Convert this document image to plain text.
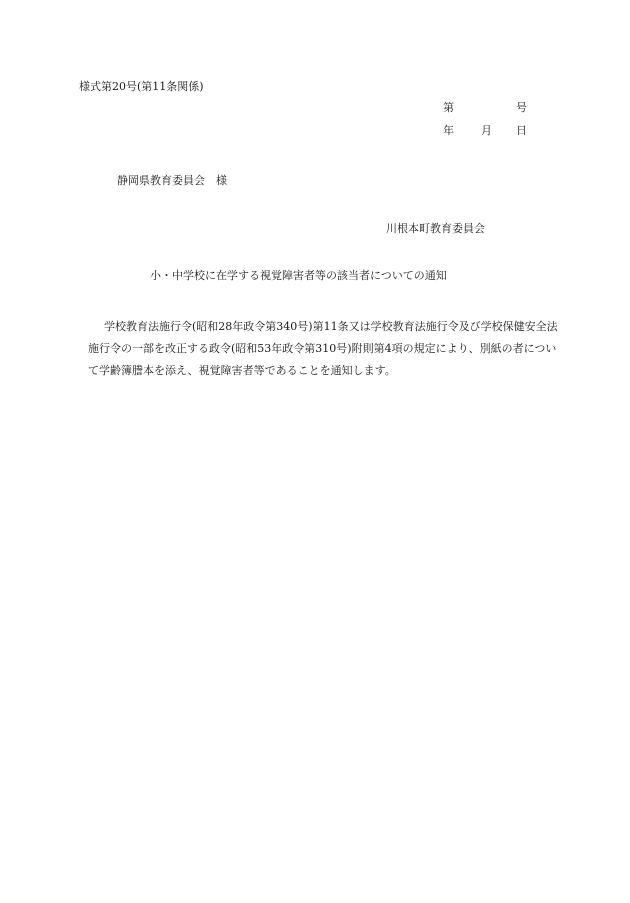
様式第20号(第11条関係)
第	号
年 月 日
静岡県教育委員会　様
川根本町教育委員会
小・中学校に在学する視覚障害者等の該当者についての通知
学校教育法施行令(昭和28年政令第340号)第11条又は学校教育法施行令及び学校保健安全法施行令の一部を改正する政令(昭和53年政令第310号)附則第4項の規定により、別紙の者について学齢簿謄本を添え、視覚障害者等であることを通知します。
